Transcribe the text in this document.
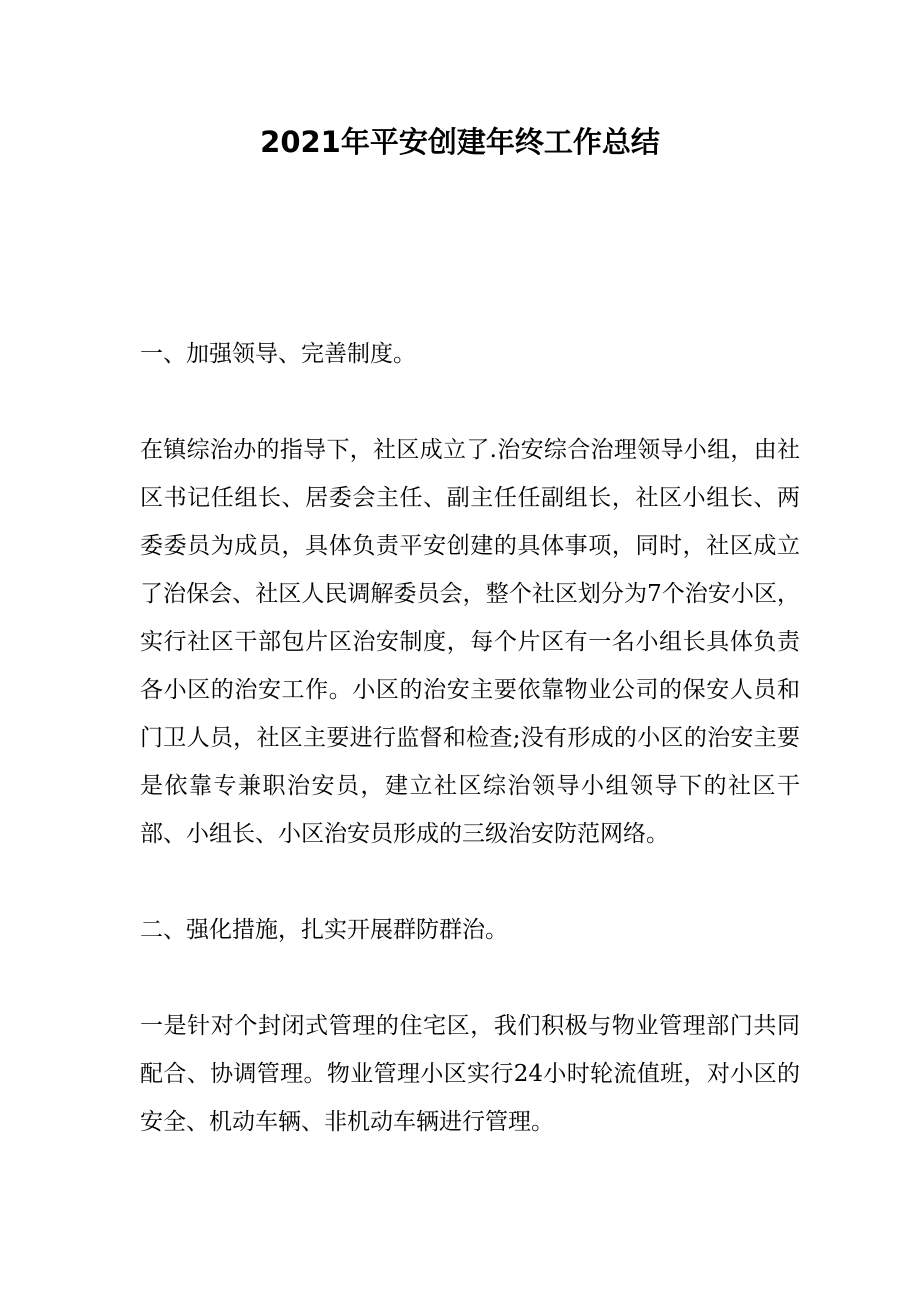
2021年平安创建年终工作总结

一、加强领导、完善制度。

在镇综治办的指导下，社区成立了.治安综合治理领导小组，由社区书记任组长、居委会主任、副主任任副组长，社区小组长、两委委员为成员，具体负责平安创建的具体事项，同时，社区成立了治保会、社区人民调解委员会，整个社区划分为7个治安小区，实行社区干部包片区治安制度，每个片区有一名小组长具体负责各小区的治安工作。小区的治安主要依靠物业公司的保安人员和门卫人员，社区主要进行监督和检查;没有形成的小区的治安主要是依靠专兼职治安员，建立社区综治领导小组领导下的社区干部、小组长、小区治安员形成的三级治安防范网络。

二、强化措施，扎实开展群防群治。

一是针对个封闭式管理的住宅区，我们积极与物业管理部门共同配合、协调管理。物业管理小区实行24小时轮流值班，对小区的安全、机动车辆、非机动车辆进行管理。
